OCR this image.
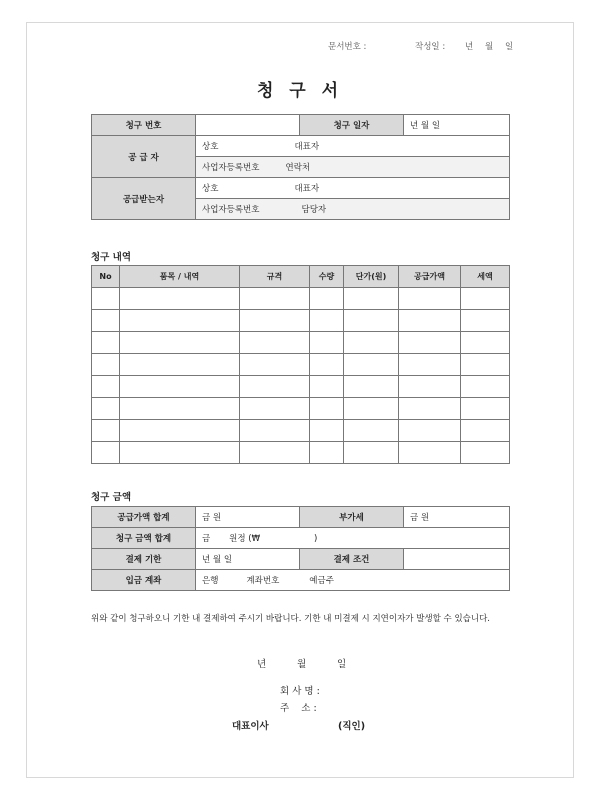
문서번호 :	작성일 : 년 월 일
청 구 서
청구 번호		청구 일자	년 월 일
공 급 자	상호 대표자		
	사업자등록번호 연락처		
공급받는자	상호 대표자		
	사업자등록번호 담당자		
청구 내역
No	품목 / 내역	규격	수량	단가(원)	공급가액	세액

청구 금액
공급가액 합계	금 원	부가세	금 원
청구 금액 합계	금       원정 (₩                    )		
결제 기한	년 월 일	결제 조건	
입금 계좌	은행 계좌번호 예금주		
위와 같이 청구하오니 기한 내 결제하여 주시기 바랍니다. 기한 내 미결제 시 지연이자가 발생할 수 있습니다.
년	월	일
회 사 명 :
주    소 :
대표이사	(직인)
